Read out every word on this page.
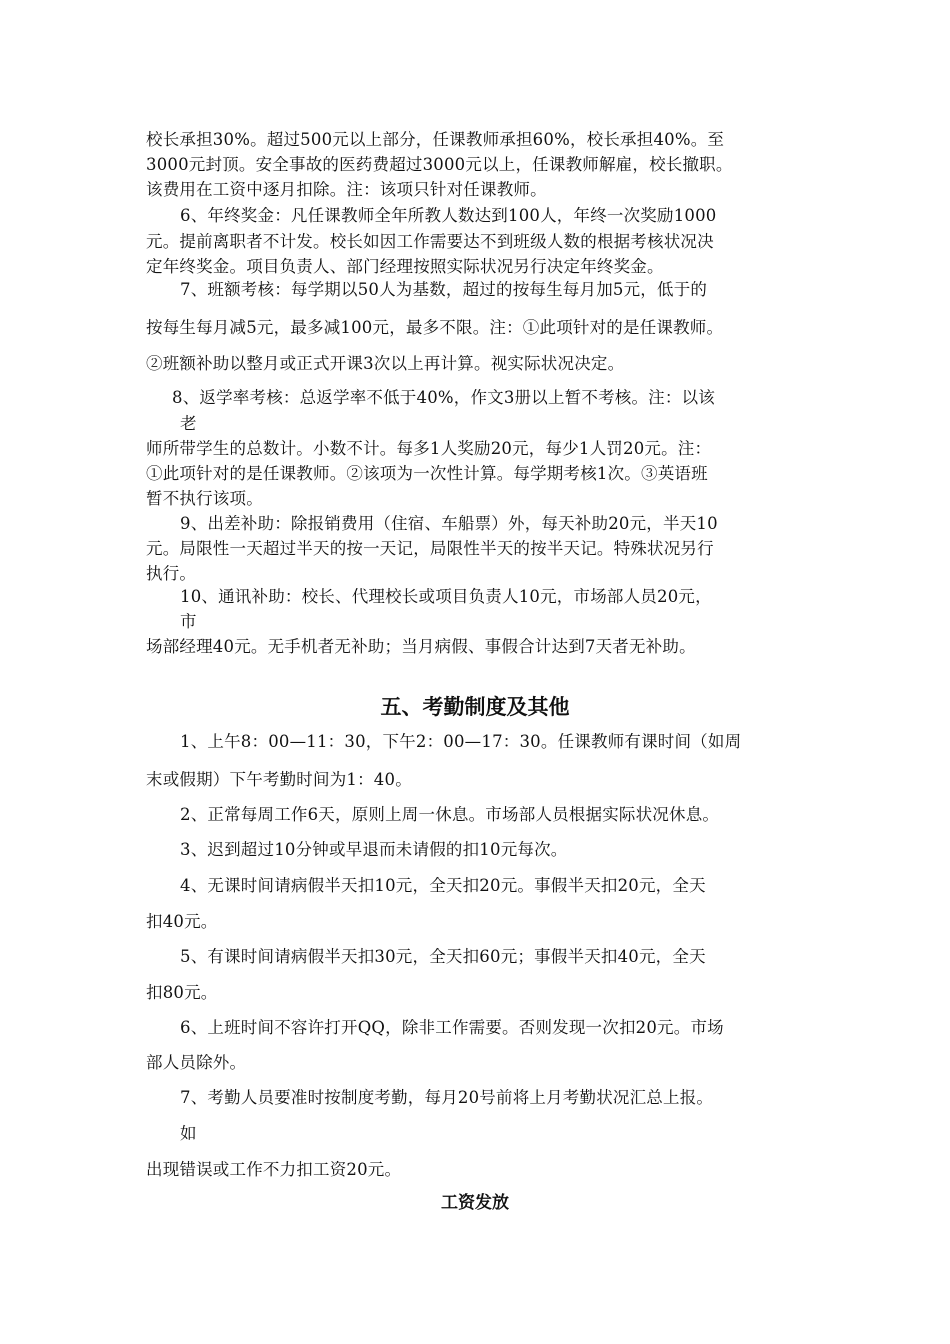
校长承担30%。超过500元以上部分，任课教师承担60%，校长承担40%。至
3000元封顶。安全事故的医药费超过3000元以上，任课教师解雇，校长撤职。
该费用在工资中逐月扣除。注：该项只针对任课教师。
6、年终奖金：凡任课教师全年所教人数达到100人，年终一次奖励1000
元。提前离职者不计发。校长如因工作需要达不到班级人数的根据考核状况决
定年终奖金。项目负责人、部门经理按照实际状况另行决定年终奖金。
7、班额考核：每学期以50人为基数，超过的按每生每月加5元，低于的
按每生每月减5元，最多减100元，最多不限。注：①此项针对的是任课教师。
②班额补助以整月或正式开课3次以上再计算。视实际状况决定。
8、返学率考核：总返学率不低于40%，作文3册以上暂不考核。注：以该
老
师所带学生的总数计。小数不计。每多1人奖励20元，每少1人罚20元。注：
①此项针对的是任课教师。②该项为一次性计算。每学期考核1次。③英语班
暂不执行该项。
9、出差补助：除报销费用（住宿、车船票）外，每天补助20元，半天10
元。局限性一天超过半天的按一天记，局限性半天的按半天记。特殊状况另行
执行。
10、通讯补助：校长、代理校长或项目负责人10元，市场部人员20元，
市
场部经理40元。无手机者无补助；当月病假、事假合计达到7天者无补助。
五、考勤制度及其他
1、上午8：00—11：30，下午2：00—17：30。任课教师有课时间（如周
末或假期）下午考勤时间为1：40。
2、正常每周工作6天，原则上周一休息。市场部人员根据实际状况休息。
3、迟到超过10分钟或早退而未请假的扣10元每次。
4、无课时间请病假半天扣10元，全天扣20元。事假半天扣20元，全天
扣40元。
5、有课时间请病假半天扣30元，全天扣60元；事假半天扣40元，全天
扣80元。
6、上班时间不容许打开QQ，除非工作需要。否则发现一次扣20元。市场
部人员除外。
7、考勤人员要准时按制度考勤，每月20号前将上月考勤状况汇总上报。
如
出现错误或工作不力扣工资20元。
工资发放
